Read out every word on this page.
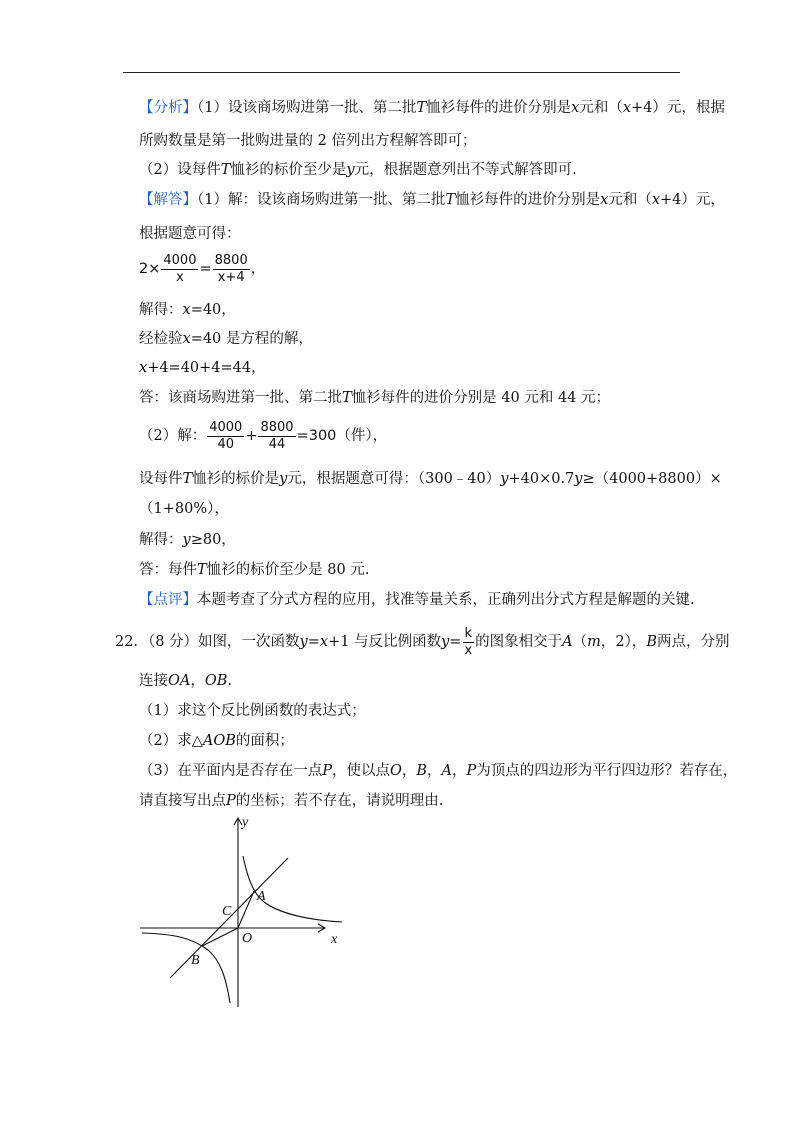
【分析】（1）设该商场购进第一批、第二批T恤衫每件的进价分别是x元和（x+4）元，根据
所购数量是第一批购进量的 2 倍列出方程解答即可；
（2）设每件T恤衫的标价至少是y元，根据题意列出不等式解答即可.
【解答】（1）解：设该商场购进第一批、第二批T恤衫每件的进价分别是x元和（x+4）元，
根据题意可得：
$2\times \frac{4000}{x} = \frac{8800}{x+4}$ ，
解得：x=40，
经检验x=40 是方程的解，
x+4=40+4=44，
答：该商场购进第一批、第二批T恤衫每件的进价分别是 40 元和 44 元；
（2）解： $\frac{4000}{40} + \frac{8800}{44} =300$（件），
设每件T恤衫的标价是y元，根据题意可得：（300﹣40）y+40×0.7y≥（4000+8800）×
（1+80%），
解得：y≥80，
答：每件T恤衫的标价至少是 80 元.
【点评】本题考查了分式方程的应用，找准等量关系，正确列出分式方程是解题的关键.
22．（8 分）如图，一次函数y=x+1 与反比例函数$y= \frac{k}{x}$ 的图象相交于A（m，2），B两点，分别
连接OA，OB.
（1）求这个反比例函数的表达式；
（2）求△AOB的面积；
（3）在平面内是否存在一点P，使以点O，B，A，P为顶点的四边形为平行四边形？若存在，
请直接写出点P的坐标；若不存在，请说明理由.
y
x
A
C
O
B
